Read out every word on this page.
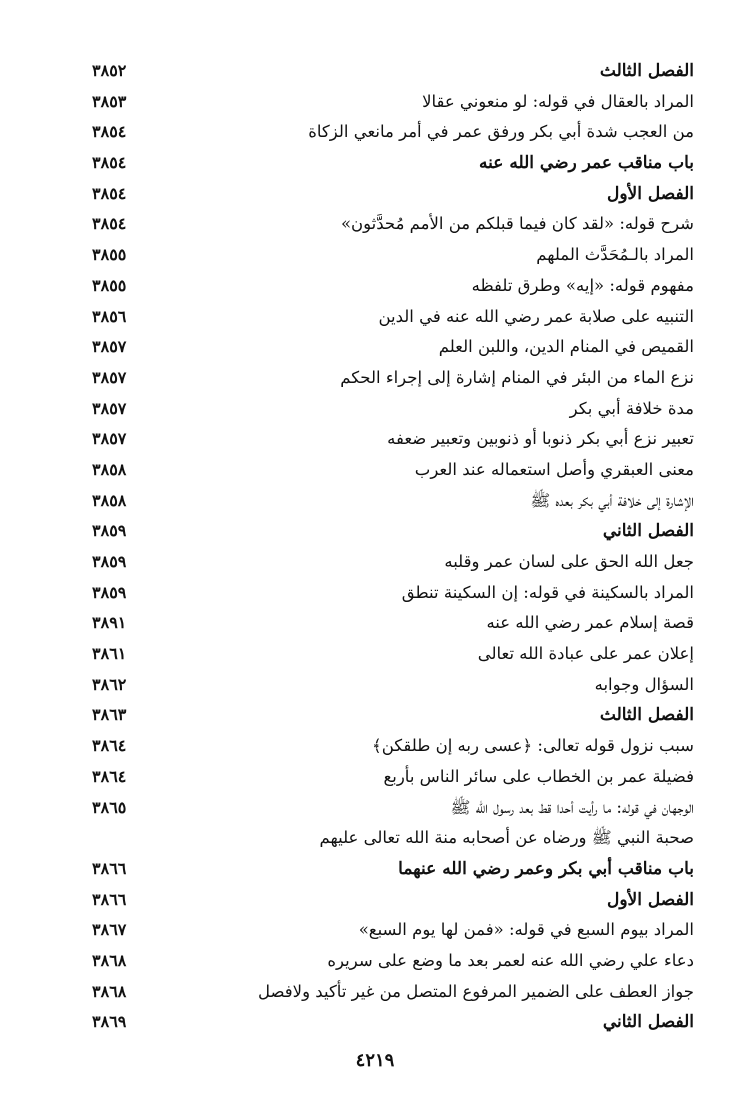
الفصل الثالث
٣٨٥٢
المراد بالعقال في قوله: لو منعوني عقالا
٣٨٥٣
من العجب شدة أبي بكر ورفق عمر في أمر مانعي الزكاة
٣٨٥٤
باب مناقب عمر رضي الله عنه
٣٨٥٤
الفصل الأول
٣٨٥٤
شرح قوله: «لقد كان فيما قبلكم من الأمم مُحدَّثون»
٣٨٥٤
المراد بالـمُحَدَّث الملهم
٣٨٥٥
مفهوم قوله: «إيه» وطرق تلفظه
٣٨٥٥
التنبيه على صلابة عمر رضي الله عنه في الدين
٣٨٥٦
القميص في المنام الدين، واللبن العلم
٣٨٥٧
نزع الماء من البئر في المنام إشارة إلى إجراء الحكم
٣٨٥٧
مدة خلافة أبي بكر
٣٨٥٧
تعبير نزع أبي بكر ذنوبا أو ذنوبين وتعبير ضعفه
٣٨٥٧
معنى العبقري وأصل استعماله عند العرب
٣٨٥٨
الإشارة إلى خلافة أبي بكر بعده ﷺ
٣٨٥٨
الفصل الثاني
٣٨٥٩
جعل الله الحق على لسان عمر وقلبه
٣٨٥٩
المراد بالسكينة في قوله: إن السكينة تنطق
٣٨٥٩
قصة إسلام عمر رضي الله عنه
٣٨٩١
إعلان عمر على عبادة الله تعالى
٣٨٦١
السؤال وجوابه
٣٨٦٢
الفصل الثالث
٣٨٦٣
سبب نزول قوله تعالى: ﴿عسى ربه إن طلقكن﴾
٣٨٦٤
فضيلة عمر بن الخطاب على سائر الناس بأربع
٣٨٦٤
الوجهان في قوله: ما رأيت أحدا قط بعد رسول الله ﷺ
٣٨٦٥
صحبة النبي ﷺ ورضاه عن أصحابه منة الله تعالى عليهم
باب مناقب أبي بكر وعمر رضي الله عنهما
٣٨٦٦
الفصل الأول
٣٨٦٦
المراد بيوم السبع في قوله: «فمن لها يوم السبع»
٣٨٦٧
دعاء علي رضي الله عنه لعمر بعد ما وضع على سريره
٣٨٦٨
جواز العطف على الضمير المرفوع المتصل من غير تأكيد ولافصل
٣٨٦٨
الفصل الثاني
٣٨٦٩
٤٢١٩
